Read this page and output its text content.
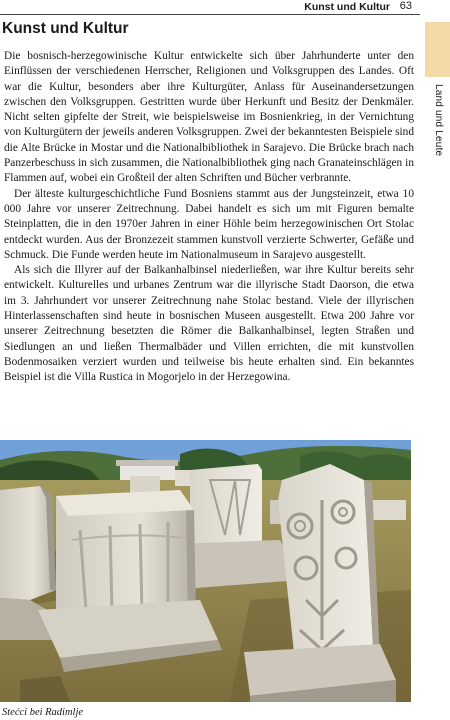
Kunst und Kultur 63
Land und Leute
Kunst und Kultur

Die bosnisch-herzegowinische Kultur entwickelte sich über Jahrhunderte unter den Einflüssen der verschiedenen Herrscher, Religionen und Volksgruppen des Landes. Oft war die Kultur, besonders aber ihre Kulturgüter, Anlass für Auseinandersetzungen zwischen den Volksgruppen. Gestritten wurde über Herkunft und Besitz der Denkmäler. Nicht selten gipfelte der Streit, wie beispielsweise im Bosnienkrieg, in der Vernichtung von Kulturgütern der jeweils anderen Volksgruppen. Zwei der bekanntesten Beispiele sind die Alte Brücke in Mostar und die Nationalbibliothek in Sarajevo. Die Brücke brach nach Panzerbeschuss in sich zusammen, die Nationalbibliothek ging nach Granateinschlägen in Flammen auf, wobei ein Großteil der alten Schriften und Bücher verbrannte.

Der älteste kulturgeschichtliche Fund Bosniens stammt aus der Jungsteinzeit, etwa 10 000 Jahre vor unserer Zeitrechnung. Dabei handelt es sich um mit Figuren bemalte Steinplatten, die in den 1970er Jahren in einer Höhle beim herzegowinischen Ort Stolac entdeckt wurden. Aus der Bronzezeit stammen kunstvoll verzierte Schwerter, Gefäße und Schmuck. Die Funde werden heute im Nationalmuseum in Sarajevo ausgestellt.

Als sich die Illyrer auf der Balkanhalbinsel niederließen, war ihre Kultur bereits sehr entwickelt. Kulturelles und urbanes Zentrum war die illyrische Stadt Daorson, die etwa im 3. Jahrhundert vor unserer Zeitrechnung nahe Stolac bestand. Viele der illyrischen Hinterlassenschaften sind heute in bosnischen Museen ausgestellt. Etwa 200 Jahre vor unserer Zeitrechnung besetzten die Römer die Balkanhalbinsel, legten Straßen und Siedlungen an und ließen Thermalbäder und Villen errichten, die mit kunstvollen Bodenmosaiken verziert wurden und teilweise bis heute erhalten sind. Ein bekanntes Beispiel ist die Villa Rustica in Mogorjelo in der Herzegowina.

Stećci bei Radimlje
